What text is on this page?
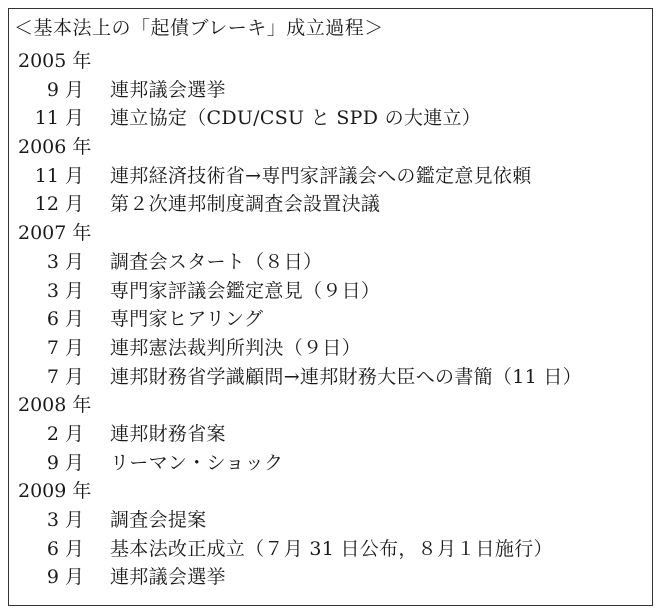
＜基本法上の「起債ブレーキ」成立過程＞
2005 年
9 月	連邦議会選挙
11 月	連立協定（CDU/CSU と SPD の大連立）
2006 年
11 月	連邦経済技術省→専門家評議会への鑑定意見依頼
12 月	第２次連邦制度調査会設置決議
2007 年
3 月	調査会スタート（８日）
3 月	専門家評議会鑑定意見（９日）
6 月	専門家ヒアリング
7 月	連邦憲法裁判所判決（９日）
7 月	連邦財務省学識顧問→連邦財務大臣への書簡（11 日）
2008 年
2 月	連邦財務省案
9 月	リーマン・ショック
2009 年
3 月	調査会提案
6 月	基本法改正成立（７月 31 日公布，８月１日施行）
9 月	連邦議会選挙
